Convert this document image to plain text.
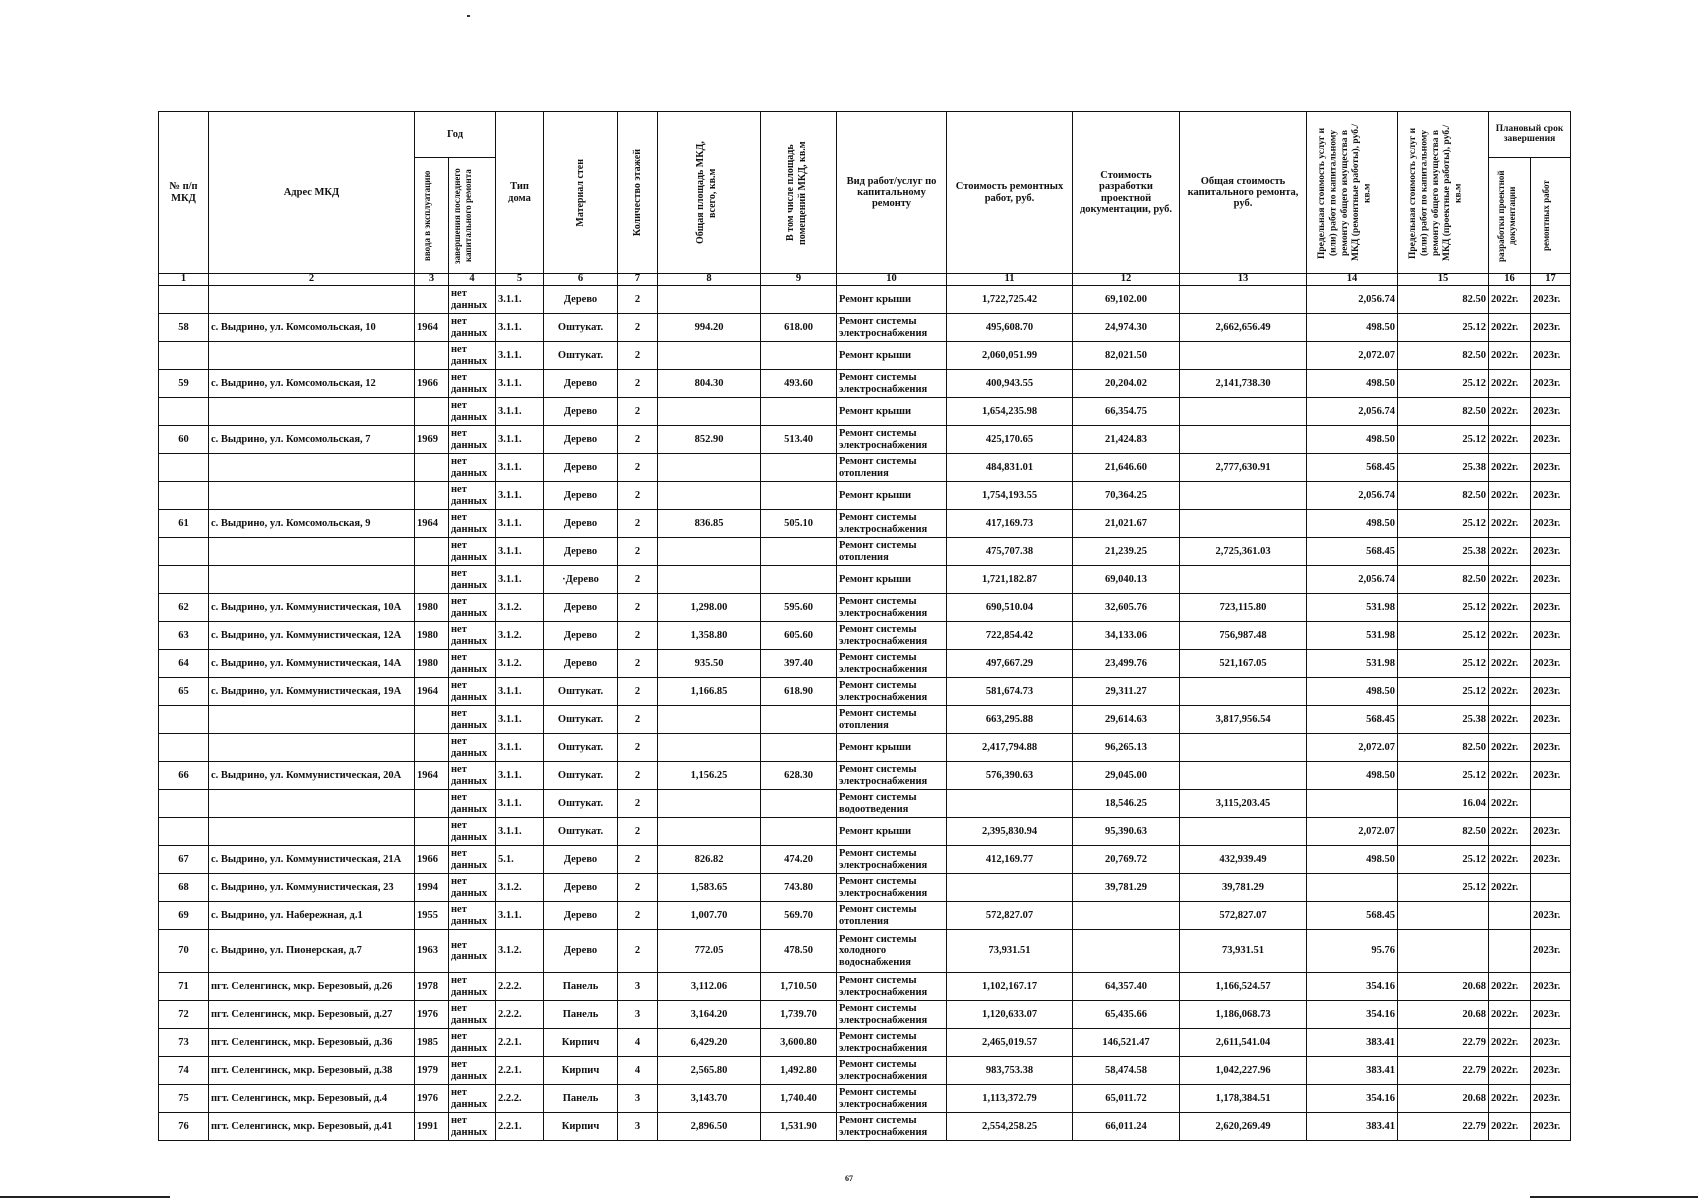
№ п/п МКД	Адрес МКД	Год		Тип дома	Материал стен	Количество этажей	Общая площадь МКД, всего, кв.м	В том числе площадь помещений МКД, кв.м	Вид работ/услуг по капитальному ремонту	Стоимость ремонтных работ, руб.	Стоимость разработки проектной документации, руб.	Общая стоимость капитального ремонта, руб.	Предельная стоимость услуг и (или) работ по капитальному ремонту общего имущества в МКД (ремонтные работы), руб./кв.м	Предельная стоимость услуг и (или) работ по капитальному ремонту общего имущества в МКД (проектные работы), руб./кв.м	Плановый срок завершения	

		ввода в эксплуатацию	завершения последнего капитального ремонта												разработки проектной документации	ремонтных работ

1	2	3	4	5	6	7	8	9	10	11	12	13	14	15	16	17
			нет данных	3.1.1.	Дерево	2			Ремонт крыши	1,722,725.42	69,102.00		2,056.74	82.50	2022г.	2023г.
58	с. Выдрино, ул. Комсомольская, 10	1964	нет данных	3.1.1.	Оштукат.	2	994.20	618.00	Ремонт системы электроснабжения	495,608.70	24,974.30	2,662,656.49	498.50	25.12	2022г.	2023г.
			нет данных	3.1.1.	Оштукат.	2			Ремонт крыши	2,060,051.99	82,021.50		2,072.07	82.50	2022г.	2023г.
59	с. Выдрино, ул. Комсомольская, 12	1966	нет данных	3.1.1.	Дерево	2	804.30	493.60	Ремонт системы электроснабжения	400,943.55	20,204.02	2,141,738.30	498.50	25.12	2022г.	2023г.
			нет данных	3.1.1.	Дерево	2			Ремонт крыши	1,654,235.98	66,354.75		2,056.74	82.50	2022г.	2023г.
60	с. Выдрино, ул. Комсомольская, 7	1969	нет данных	3.1.1.	Дерево	2	852.90	513.40	Ремонт системы электроснабжения	425,170.65	21,424.83		498.50	25.12	2022г.	2023г.
			нет данных	3.1.1.	Дерево	2			Ремонт системы отопления	484,831.01	21,646.60	2,777,630.91	568.45	25.38	2022г.	2023г.
			нет данных	3.1.1.	Дерево	2			Ремонт крыши	1,754,193.55	70,364.25		2,056.74	82.50	2022г.	2023г.
61	с. Выдрино, ул. Комсомольская, 9	1964	нет данных	3.1.1.	Дерево	2	836.85	505.10	Ремонт системы электроснабжения	417,169.73	21,021.67		498.50	25.12	2022г.	2023г.
			нет данных	3.1.1.	Дерево	2			Ремонт системы отопления	475,707.38	21,239.25	2,725,361.03	568.45	25.38	2022г.	2023г.
			нет данных	3.1.1.	·Дерево	2			Ремонт крыши	1,721,182.87	69,040.13		2,056.74	82.50	2022г.	2023г.
62	с. Выдрино, ул. Коммунистическая, 10А	1980	нет данных	3.1.2.	Дерево	2	1,298.00	595.60	Ремонт системы электроснабжения	690,510.04	32,605.76	723,115.80	531.98	25.12	2022г.	2023г.
63	с. Выдрино, ул. Коммунистическая, 12А	1980	нет данных	3.1.2.	Дерево	2	1,358.80	605.60	Ремонт системы электроснабжения	722,854.42	34,133.06	756,987.48	531.98	25.12	2022г.	2023г.
64	с. Выдрино, ул. Коммунистическая, 14А	1980	нет данных	3.1.2.	Дерево	2	935.50	397.40	Ремонт системы электроснабжения	497,667.29	23,499.76	521,167.05	531.98	25.12	2022г.	2023г.
65	с. Выдрино, ул. Коммунистическая, 19А	1964	нет данных	3.1.1.	Оштукат.	2	1,166.85	618.90	Ремонт системы электроснабжения	581,674.73	29,311.27		498.50	25.12	2022г.	2023г.
			нет данных	3.1.1.	Оштукат.	2			Ремонт системы отопления	663,295.88	29,614.63	3,817,956.54	568.45	25.38	2022г.	2023г.
			нет данных	3.1.1.	Оштукат.	2			Ремонт крыши	2,417,794.88	96,265.13		2,072.07	82.50	2022г.	2023г.
66	с. Выдрино, ул. Коммунистическая, 20А	1964	нет данных	3.1.1.	Оштукат.	2	1,156.25	628.30	Ремонт системы электроснабжения	576,390.63	29,045.00		498.50	25.12	2022г.	2023г.
			нет данных	3.1.1.	Оштукат.	2			Ремонт системы водоотведения		18,546.25	3,115,203.45		16.04	2022г.	
			нет данных	3.1.1.	Оштукат.	2			Ремонт крыши	2,395,830.94	95,390.63		2,072.07	82.50	2022г.	2023г.
67	с. Выдрино, ул. Коммунистическая, 21А	1966	нет данных	5.1.	Дерево	2	826.82	474.20	Ремонт системы электроснабжения	412,169.77	20,769.72	432,939.49	498.50	25.12	2022г.	2023г.
68	с. Выдрино, ул. Коммунистическая, 23	1994	нет данных	3.1.2.	Дерево	2	1,583.65	743.80	Ремонт системы электроснабжения		39,781.29	39,781.29		25.12	2022г.	
69	с. Выдрино, ул. Набережная, д.1	1955	нет данных	3.1.1.	Дерево	2	1,007.70	569.70	Ремонт системы отопления	572,827.07		572,827.07	568.45			2023г.
70	с. Выдрино, ул. Пионерская, д.7	1963	нет данных	3.1.2.	Дерево	2	772.05	478.50	Ремонт системы холодного водоснабжения	73,931.51		73,931.51	95.76			2023г.
71	пгт. Селенгинск, мкр. Березовый, д.26	1978	нет данных	2.2.2.	Панель	3	3,112.06	1,710.50	Ремонт системы электроснабжения	1,102,167.17	64,357.40	1,166,524.57	354.16	20.68	2022г.	2023г.
72	пгт. Селенгинск, мкр. Березовый, д.27	1976	нет данных	2.2.2.	Панель	3	3,164.20	1,739.70	Ремонт системы электроснабжения	1,120,633.07	65,435.66	1,186,068.73	354.16	20.68	2022г.	2023г.
73	пгт. Селенгинск, мкр. Березовый, д.36	1985	нет данных	2.2.1.	Кирпич	4	6,429.20	3,600.80	Ремонт системы электроснабжения	2,465,019.57	146,521.47	2,611,541.04	383.41	22.79	2022г.	2023г.
74	пгт. Селенгинск, мкр. Березовый, д.38	1979	нет данных	2.2.1.	Кирпич	4	2,565.80	1,492.80	Ремонт системы электроснабжения	983,753.38	58,474.58	1,042,227.96	383.41	22.79	2022г.	2023г.
75	пгт. Селенгинск, мкр. Березовый, д.4	1976	нет данных	2.2.2.	Панель	3	3,143.70	1,740.40	Ремонт системы электроснабжения	1,113,372.79	65,011.72	1,178,384.51	354.16	20.68	2022г.	2023г.
76	пгт. Селенгинск, мкр. Березовый, д.41	1991	нет данных	2.2.1.	Кирпич	3	2,896.50	1,531.90	Ремонт системы электроснабжения	2,554,258.25	66,011.24	2,620,269.49	383.41	22.79	2022г.	2023г.
67
